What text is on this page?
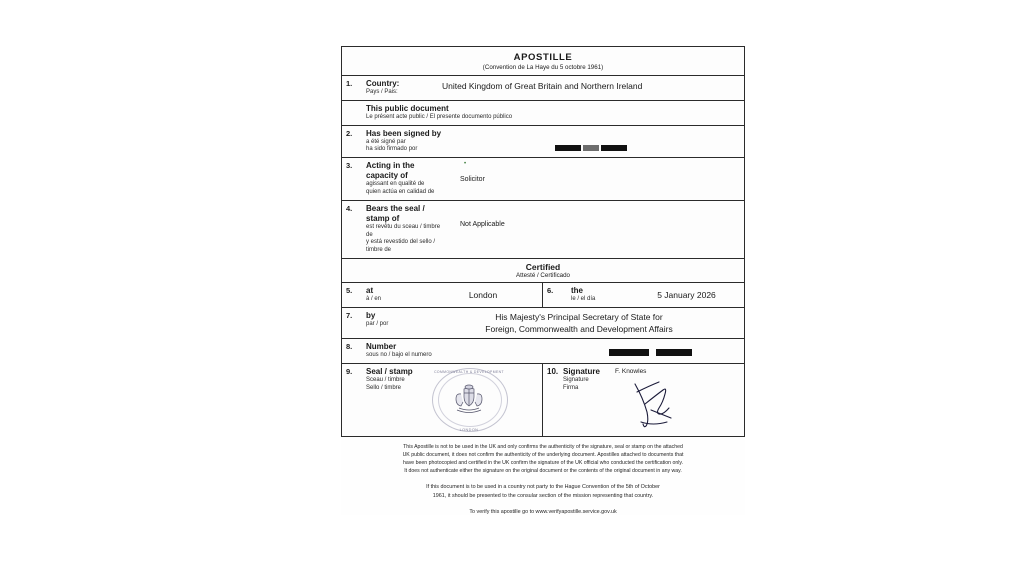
APOSTILLE
(Convention de La Haye du 5 octobre 1961)
1.	Country:
Pays / Pais:
United Kingdom of Great Britain and Northern Ireland
This public document
Le présent acte public / El presente documento público
2.	Has been signed by
a été signé par
ha sido firmado por
3.	Acting in the capacity of
agissant en qualité de
quien actúa en calidad de
•
Solicitor
4.	Bears the seal / stamp of
est revêtu du sceau / timbre de
y está revestido del sello / timbre de
Not Applicable
Certified
Attesté / Certificado
5.	at
à / en	London	6.	the
le / el día	5 January 2026
7.	by
par / por
His Majesty's Principal Secretary of State for
Foreign, Commonwealth and Development Affairs
8.	Number
sous no / bajo el numero

9.	Seal / stamp
Sceau / timbre
Sello / timbre
COMMONWEALTH & DEVELOPMENT
LONDON
10. Signature
Signature
Firma
F. Knowles
This Apostille is not to be used in the UK and only confirms the authenticity of the signature, seal or stamp on the attached
UK public document, it does not confirm the authenticity of the underlying document. Apostilles attached to documents that
have been photocopied and certified in the UK confirm the signature of the UK official who conducted the certification only.
It does not authenticate either the signature on the original document or the contents of the original document in any way.
If this document is to be used in a country not party to the Hague Convention of the 5th of October
1961, it should be presented to the consular section of the mission representing that country.
To verify this apostille go to www.verifyapostille.service.gov.uk
